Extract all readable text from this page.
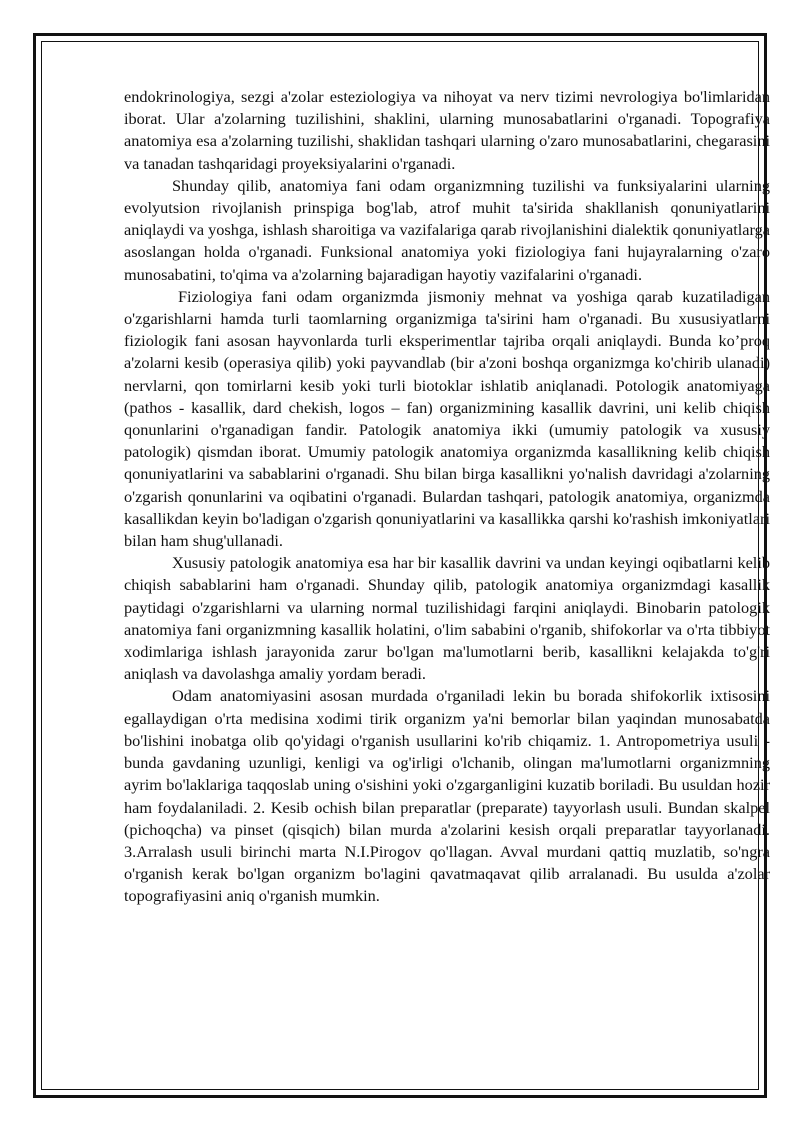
endokrinologiya, sezgi a'zolar esteziologiya va nihoyat va nerv tizimi nevrologiya bo'limlaridan iborat. Ular a'zolarning tuzilishini, shaklini, ularning munosabatlarini o'rganadi. Topografiya anatomiya esa a'zolarning tuzilishi, shaklidan tashqari ularning o'zaro munosabatlarini, chegarasini va tanadan tashqaridagi proyeksiyalarini o'rganadi.

Shunday qilib, anatomiya fani odam organizmning tuzilishi va funksiyalarini ularning evolyutsion rivojlanish prinspiga bog'lab, atrof muhit ta'sirida shakllanish qonuniyatlarini aniqlaydi va yoshga, ishlash sharoitiga va vazifalariga qarab rivojlanishini dialektik qonuniyatlarga asoslangan holda o'rganadi. Funksional anatomiya yoki fiziologiya fani hujayralarning o'zaro munosabatini, to'qima va a'zolarning bajaradigan hayotiy vazifalarini o'rganadi.

Fiziologiya fani odam organizmda jismoniy mehnat va yoshiga qarab kuzatiladigan o'zgarishlarni hamda turli taomlarning organizmiga ta'sirini ham o'rganadi. Bu xususiyatlarni fiziologik fani asosan hayvonlarda turli eksperimentlar tajriba orqali aniqlaydi. Bunda ko’proq a'zolarni kesib (operasiya qilib) yoki payvandlab (bir a'zoni boshqa organizmga ko'chirib ulanadi) nervlarni, qon tomirlarni kesib yoki turli biotoklar ishlatib aniqlanadi. Potologik anatomiyaga (pathos - kasallik, dard chekish, logos – fan) organizmining kasallik davrini, uni kelib chiqish qonunlarini o'rganadigan fandir. Patologik anatomiya ikki (umumiy patologik va xususiy patologik) qismdan iborat. Umumiy patologik anatomiya organizmda kasallikning kelib chiqish qonuniyatlarini va sabablarini o'rganadi. Shu bilan birga kasallikni yo'nalish davridagi a'zolarning o'zgarish qonunlarini va oqibatini o'rganadi. Bulardan tashqari, patologik anatomiya, organizmda kasallikdan keyin bo'ladigan o'zgarish qonuniyatlarini va kasallikka qarshi ko'rashish imkoniyatlari bilan ham shug'ullanadi.

Xususiy patologik anatomiya esa har bir kasallik davrini va undan keyingi oqibatlarni kelib chiqish sabablarini ham o'rganadi. Shunday qilib, patologik anatomiya organizmdagi kasallik paytidagi o'zgarishlarni va ularning normal tuzilishidagi farqini aniqlaydi. Binobarin patologik anatomiya fani organizmning kasallik holatini, o'lim sababini o'rganib, shifokorlar va o'rta tibbiyot xodimlariga ishlash jarayonida zarur bo'lgan ma'lumotlarni berib, kasallikni kelajakda to'g'ri aniqlash va davolashga amaliy yordam beradi.

Odam anatomiyasini asosan murdada o'rganiladi lekin bu borada shifokorlik ixtisosini egallaydigan o'rta medisina xodimi tirik organizm ya'ni bemorlar bilan yaqindan munosabatda bo'lishini inobatga olib qo'yidagi o'rganish usullarini ko'rib chiqamiz. 1. Antropometriya usuli - bunda gavdaning uzunligi, kenligi va og'irligi o'lchanib, olingan ma'lumotlarni organizmning ayrim bo'laklariga taqqoslab uning o'sishini yoki o'zgarganligini kuzatib boriladi. Bu usuldan hozir ham foydalaniladi. 2. Kesib ochish bilan preparatlar (preparate) tayyorlash usuli. Bundan skalpel (pichoqcha) va pinset (qisqich) bilan murda a'zolarini kesish orqali preparatlar tayyorlanadi. 3.Arralash usuli birinchi marta N.I.Pirogov qo'llagan. Avval murdani qattiq muzlatib, so'ngra o'rganish kerak bo'lgan organizm bo'lagini qavatmaqavat qilib arralanadi. Bu usulda a'zolar topografiyasini aniq o'rganish mumkin.
